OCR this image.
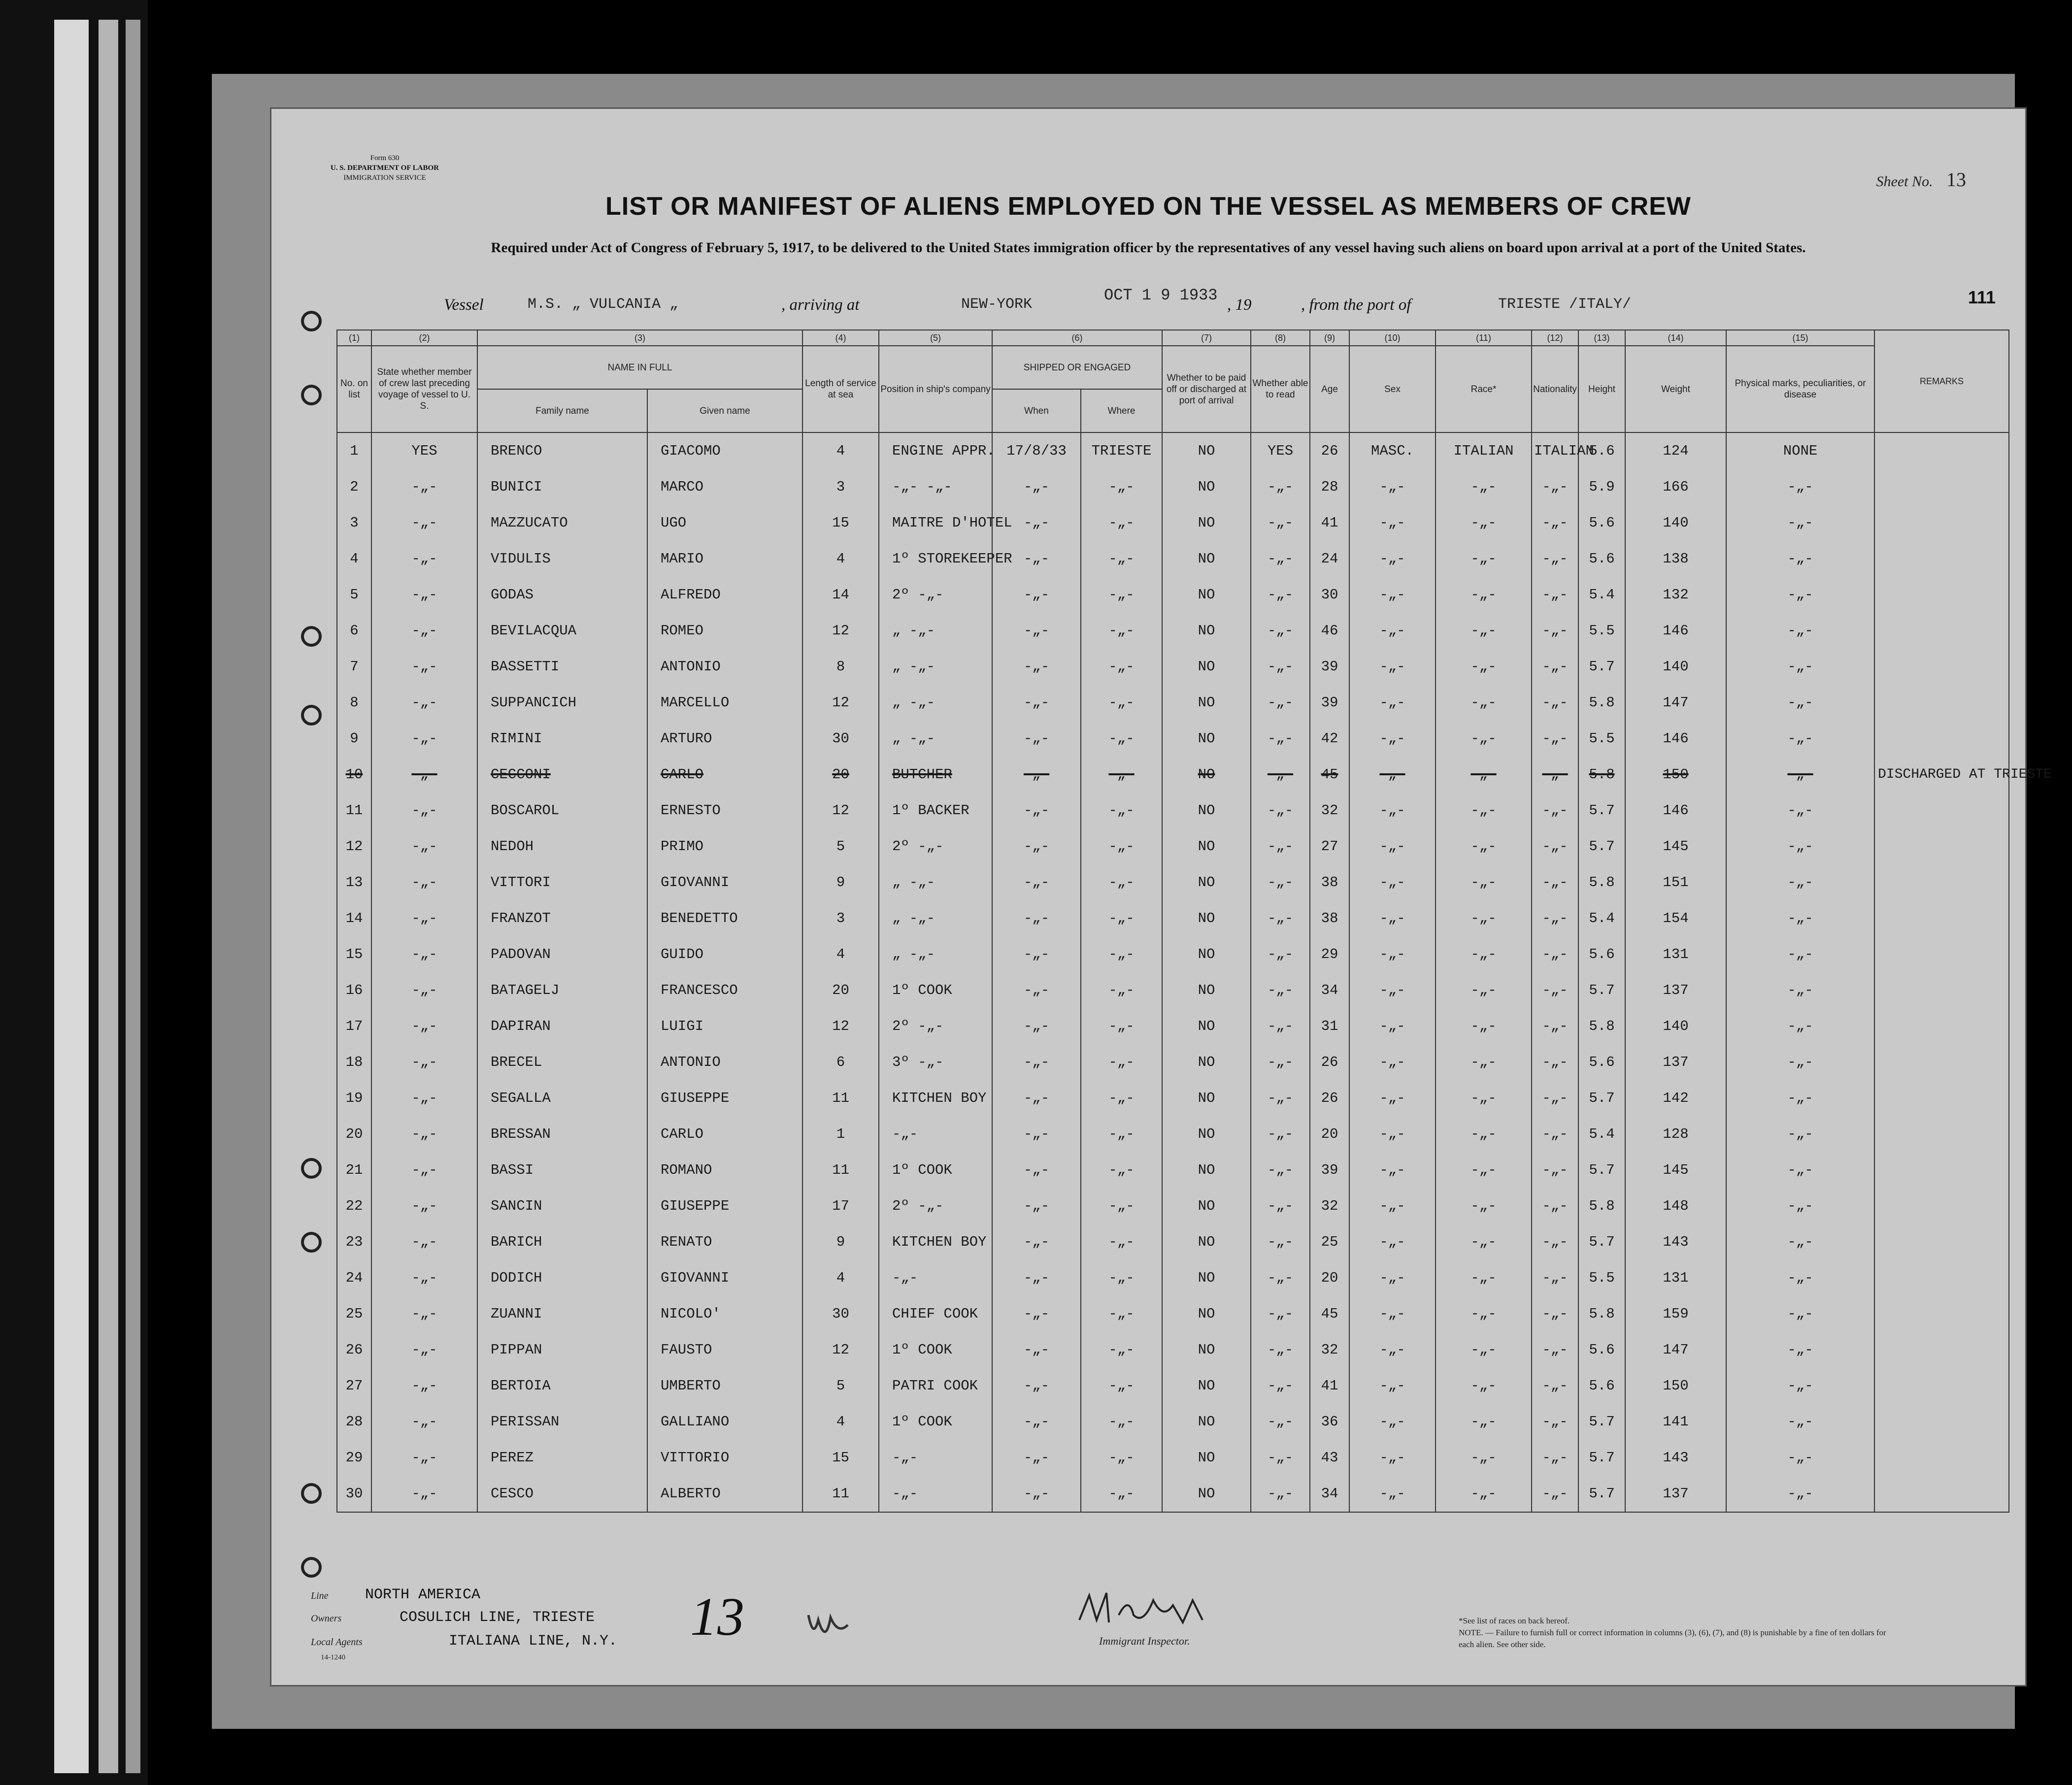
Form 630
U. S. DEPARTMENT OF LABOR
IMMIGRATION SERVICE	Sheet No. 13
LIST OR MANIFEST OF ALIENS EMPLOYED ON THE VESSEL AS MEMBERS OF CREW
Required under Act of Congress of February 5, 1917, to be delivered to the United States immigration officer by the representatives of any vessel having such aliens on board upon arrival at a port of the United States.
Vessel	M.S. „ VULCANIA „	, arriving at	NEW-YORK	OCT 1 9 1933
, 19	, from the port of	TRIESTE /ITALY/	111
(1)	(2)	(3)		(4)	(5)	(6)		(7)	(8)	(9)	(10)	(11)	(12)	(13)	(14)	(15)	REMARKS
No. on list	State whether member of crew last preceding voyage of vessel to U. S.	NAME IN FULL		Length of service at sea	Position in ship's company	SHIPPED OR ENGAGED		Whether to be paid off or discharged at port of arrival	Whether able to read	Age	Sex	Race*	Nationality	Height	Weight	Physical marks, peculiarities, or disease	
		Family name	Given name			When	Where										
1	YES	BRENCO	GIACOMO	4	ENGINE APPR.	17/8/33	TRIESTE	NO	YES	26	MASC.	ITALIAN	ITALIAN	5.6	124	NONE	
2	-„-	BUNICI	MARCO	3	-„- -„-	-„-	-„-	NO	-„-	28	-„-	-„-	-„-	5.9	166	-„-	
3	-„-	MAZZUCATO	UGO	15	MAITRE D'HOTEL	-„-	-„-	NO	-„-	41	-„-	-„-	-„-	5.6	140	-„-	
4	-„-	VIDULIS	MARIO	4	1º STOREKEEPER	-„-	-„-	NO	-„-	24	-„-	-„-	-„-	5.6	138	-„-	
5	-„-	GODAS	ALFREDO	14	2º -„-	-„-	-„-	NO	-„-	30	-„-	-„-	-„-	5.4	132	-„-	
6	-„-	BEVILACQUA	ROMEO	12	„ -„-	-„-	-„-	NO	-„-	46	-„-	-„-	-„-	5.5	146	-„-	
7	-„-	BASSETTI	ANTONIO	8	„ -„-	-„-	-„-	NO	-„-	39	-„-	-„-	-„-	5.7	140	-„-	
8	-„-	SUPPANCICH	MARCELLO	12	„ -„-	-„-	-„-	NO	-„-	39	-„-	-„-	-„-	5.8	147	-„-	
9	-„-	RIMINI	ARTURO	30	„ -„-	-„-	-„-	NO	-„-	42	-„-	-„-	-„-	5.5	146	-„-	
10	-„-	CECCONI	CARLO	20	BUTCHER	-„-	-„-	NO	-„-	45	-„-	-„-	-„-	5.8	150	-„-	DISCHARGED AT TRIESTE
11	-„-	BOSCAROL	ERNESTO	12	1º BACKER	-„-	-„-	NO	-„-	32	-„-	-„-	-„-	5.7	146	-„-	
12	-„-	NEDOH	PRIMO	5	2º -„-	-„-	-„-	NO	-„-	27	-„-	-„-	-„-	5.7	145	-„-	
13	-„-	VITTORI	GIOVANNI	9	„ -„-	-„-	-„-	NO	-„-	38	-„-	-„-	-„-	5.8	151	-„-	
14	-„-	FRANZOT	BENEDETTO	3	„ -„-	-„-	-„-	NO	-„-	38	-„-	-„-	-„-	5.4	154	-„-	
15	-„-	PADOVAN	GUIDO	4	„ -„-	-„-	-„-	NO	-„-	29	-„-	-„-	-„-	5.6	131	-„-	
16	-„-	BATAGELJ	FRANCESCO	20	1º COOK	-„-	-„-	NO	-„-	34	-„-	-„-	-„-	5.7	137	-„-	
17	-„-	DAPIRAN	LUIGI	12	2º -„-	-„-	-„-	NO	-„-	31	-„-	-„-	-„-	5.8	140	-„-	
18	-„-	BRECEL	ANTONIO	6	3º -„-	-„-	-„-	NO	-„-	26	-„-	-„-	-„-	5.6	137	-„-	
19	-„-	SEGALLA	GIUSEPPE	11	KITCHEN BOY	-„-	-„-	NO	-„-	26	-„-	-„-	-„-	5.7	142	-„-	
20	-„-	BRESSAN	CARLO	1	-„-	-„-	-„-	NO	-„-	20	-„-	-„-	-„-	5.4	128	-„-	
21	-„-	BASSI	ROMANO	11	1º COOK	-„-	-„-	NO	-„-	39	-„-	-„-	-„-	5.7	145	-„-	
22	-„-	SANCIN	GIUSEPPE	17	2º -„-	-„-	-„-	NO	-„-	32	-„-	-„-	-„-	5.8	148	-„-	
23	-„-	BARICH	RENATO	9	KITCHEN BOY	-„-	-„-	NO	-„-	25	-„-	-„-	-„-	5.7	143	-„-	
24	-„-	DODICH	GIOVANNI	4	-„-	-„-	-„-	NO	-„-	20	-„-	-„-	-„-	5.5	131	-„-	
25	-„-	ZUANNI	NICOLO'	30	CHIEF COOK	-„-	-„-	NO	-„-	45	-„-	-„-	-„-	5.8	159	-„-	
26	-„-	PIPPAN	FAUSTO	12	1º COOK	-„-	-„-	NO	-„-	32	-„-	-„-	-„-	5.6	147	-„-	
27	-„-	BERTOIA	UMBERTO	5	PATRI COOK	-„-	-„-	NO	-„-	41	-„-	-„-	-„-	5.6	150	-„-	
28	-„-	PERISSAN	GALLIANO	4	1º COOK	-„-	-„-	NO	-„-	36	-„-	-„-	-„-	5.7	141	-„-	
29	-„-	PEREZ	VITTORIO	15	-„-	-„-	-„-	NO	-„-	43	-„-	-„-	-„-	5.7	143	-„-	
30	-„-	CESCO	ALBERTO	11	-„-	-„-	-„-	NO	-„-	34	-„-	-„-	-„-	5.7	137	-„-	
Line NORTH AMERICA
Owners	COSULICH LINE, TRIESTE
Local Agents	ITALIANA LINE, N.Y.
14-1240
13	Immigrant Inspector.
*See list of races on back hereof.
NOTE. — Failure to furnish full or correct information in columns (3), (6), (7), and (8) is punishable by a fine of ten dollars for each alien. See other side.
